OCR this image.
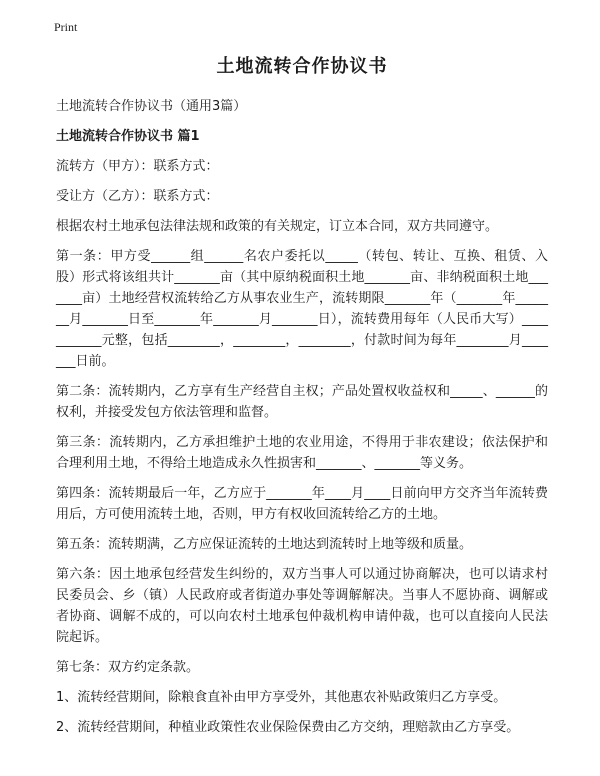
Print
土地流转合作协议书
土地流转合作协议书（通用3篇）
土地流转合作协议书 篇1
流转方（甲方）：联系方式：
受让方（乙方）：联系方式：
根据农村土地承包法律法规和政策的有关规定，订立本合同，双方共同遵守。
第一条：甲方受______组______名农户委托以_____（转包、转让、互换、租赁、入股）形式将该组共计_______亩（其中原纳税面积土地_______亩、非纳税面积土地_______亩）土地经营权流转给乙方从事农业生产，流转期限_______年（_______年_______月_______日至_______年_______月_______日），流转费用每年（人民币大写）___________元整，包括________，________，________，付款时间为每年________月_______日前。
第二条：流转期内，乙方享有生产经营自主权；产品处置权收益权和_____、______的权利，并接受发包方依法管理和监督。
第三条：流转期内，乙方承担维护土地的农业用途，不得用于非农建设；依法保护和合理利用土地，不得给土地造成永久性损害和_______、_______等义务。
第四条：流转期最后一年，乙方应于_______年____月____日前向甲方交齐当年流转费用后，方可使用流转土地，否则，甲方有权收回流转给乙方的土地。
第五条：流转期满，乙方应保证流转的土地达到流转时上地等级和质量。
第六条：因土地承包经营发生纠纷的，双方当事人可以通过协商解决，也可以请求村民委员会、乡（镇）人民政府或者街道办事处等调解解决。当事人不愿协商、调解或者协商、调解不成的，可以向农村土地承包仲裁机构申请仲裁，也可以直接向人民法院起诉。
第七条：双方约定条款。
1、流转经营期间，除粮食直补由甲方享受外，其他惠农补贴政策归乙方享受。
2、流转经营期间，种植业政策性农业保险保费由乙方交纳，理赔款由乙方享受。
